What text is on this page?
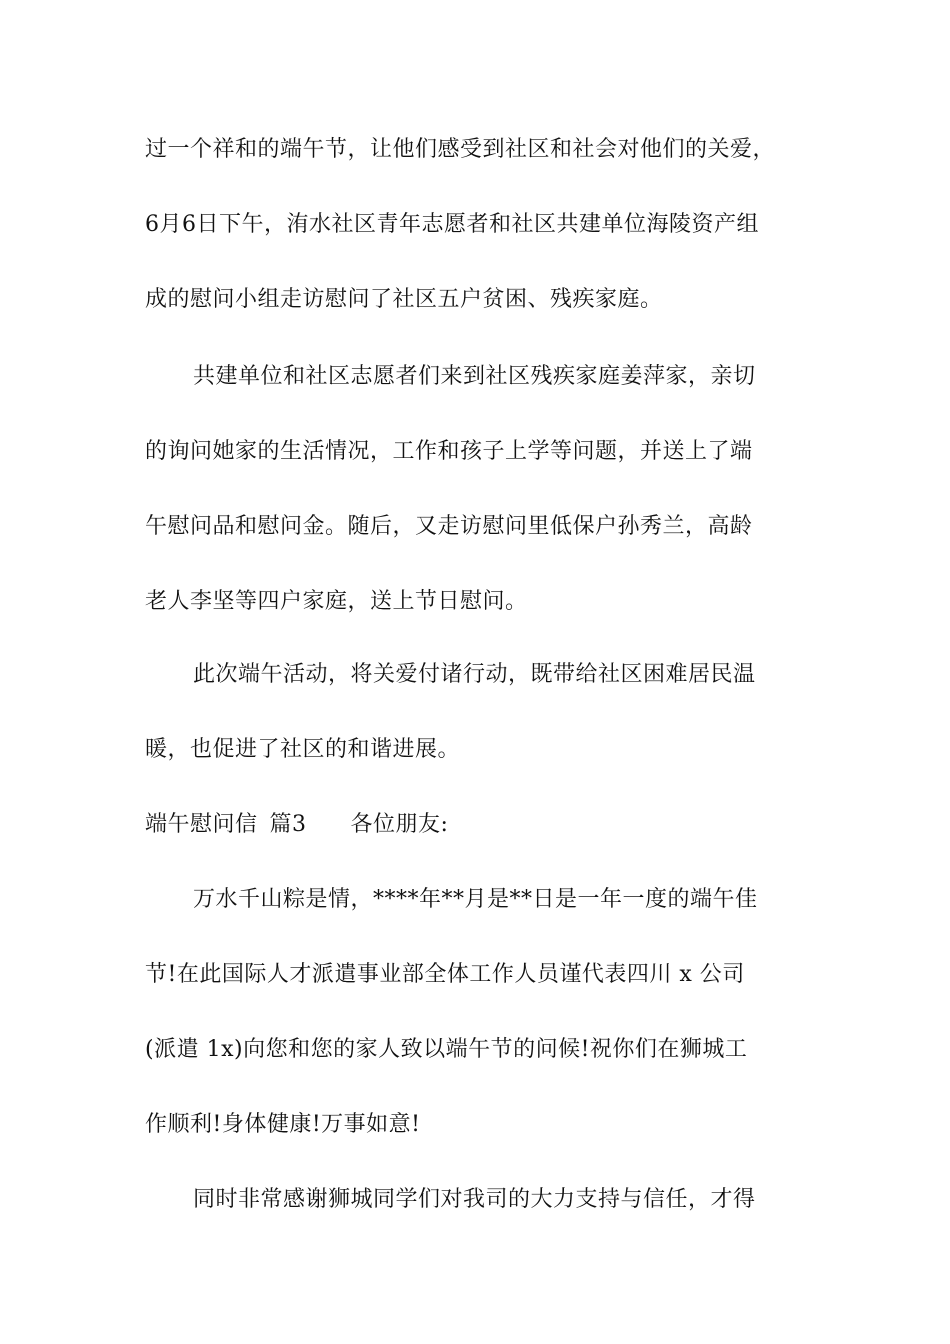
过一个祥和的端午节，让他们感受到社区和社会对他们的关爱，
6月6日下午，洧水社区青年志愿者和社区共建单位海陵资产组
成的慰问小组走访慰问了社区五户贫困、残疾家庭。
共建单位和社区志愿者们来到社区残疾家庭姜萍家，亲切
的询问她家的生活情况，工作和孩子上学等问题，并送上了端
午慰问品和慰问金。随后，又走访慰问里低保户孙秀兰，高龄
老人李坚等四户家庭，送上节日慰问。
此次端午活动，将关爱付诸行动，既带给社区困难居民温
暖，也促进了社区的和谐进展。
端午慰问信 篇3 各位朋友:
万水千山粽是情，****年**月是**日是一年一度的端午佳
节!在此国际人才派遣事业部全体工作人员谨代表四川 x 公司
(派遣 1x)向您和您的家人致以端午节的问候!祝你们在狮城工
作顺利!身体健康!万事如意!
同时非常感谢狮城同学们对我司的大力支持与信任，才得
